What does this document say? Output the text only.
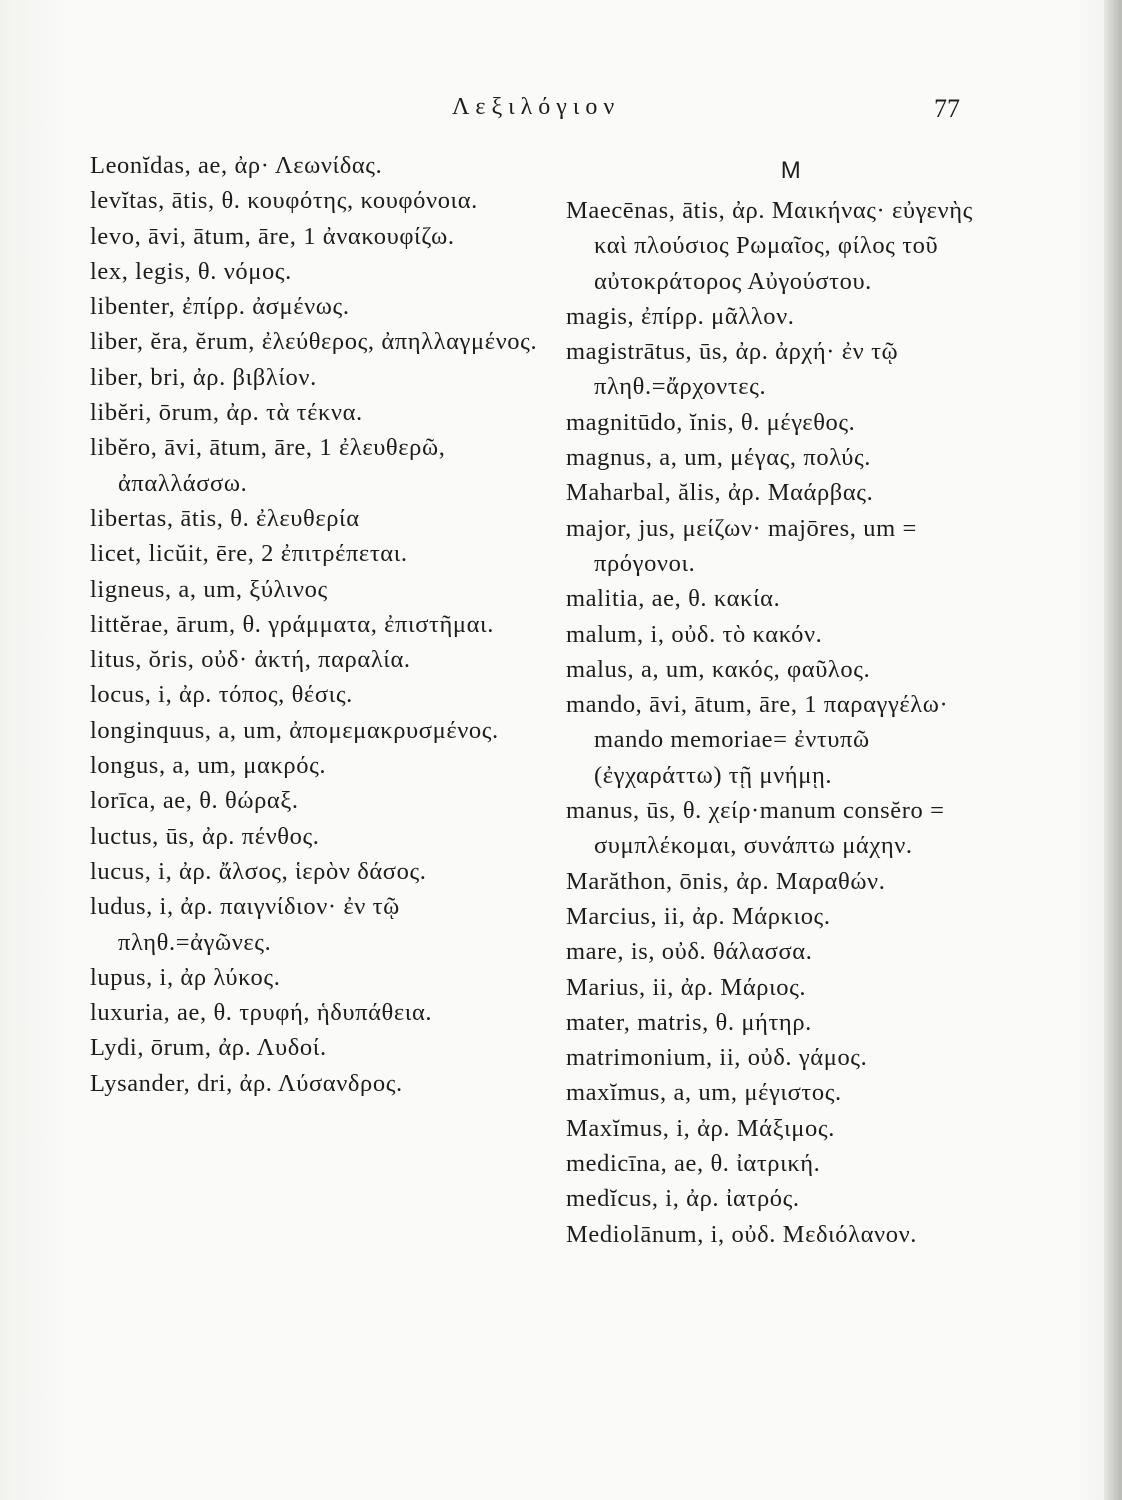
Λεξιλόγιον	77
Leonĭdas, ae, ἀρ· Λεωνίδας.
levĭtas, ātis, θ. κουφότης, κουφόνοια.
levo, āvi, ātum, āre, 1 ἀνακουφίζω.
lex, legis, θ. νόμος.
libenter, ἐπίρρ. ἀσμένως.
liber, ĕra, ĕrum, ἐλεύθερος, ἀπηλλαγμένος.
liber, bri, ἀρ. βιβλίον.
libĕri, ōrum, ἀρ. τὰ τέκνα.
libĕro, āvi, ātum, āre, 1 ἐλευθερῶ, ἀπαλλάσσω.
libertas, ātis, θ. ἐλευθερία
licet, licŭit, ēre, 2 ἐπιτρέπεται.
ligneus, a, um, ξύλινος
littĕrae, ārum, θ. γράμματα, ἐπιστῆμαι.
litus, ŏris, οὐδ· ἀκτή, παραλία.
locus, i, ἀρ. τόπος, θέσις.
longinquus, a, um, ἀπομεμακρυσμένος.
longus, a, um, μακρός.
lorīca, ae, θ. θώραξ.
luctus, ūs, ἀρ. πένθος.
lucus, i, ἀρ. ἄλσος, ἱερὸν δάσος.
ludus, i, ἀρ. παιγνίδιον· ἐν τῷ πληθ.=ἀγῶνες.
lupus, i, ἀρ λύκος.
luxuria, ae, θ. τρυφή, ἡδυπάθεια.
Lydi, ōrum, ἀρ. Λυδοί.
Lysander, dri, ἀρ. Λύσανδρος.
M
Maecēnas, ātis, ἀρ. Μαικήνας· εὐγενὴς καὶ πλούσιος Ρωμαῖος, φίλος τοῦ αὐτοκράτορος Αὐγούστου.
magis, ἐπίρρ. μᾶλλον.
magistrātus, ūs, ἀρ. ἀρχή· ἐν τῷ πληθ.=ἄρχοντες.
magnitūdo, ĭnis, θ. μέγεθος.
magnus, a, um, μέγας, πολύς.
Maharbal, ălis, ἀρ. Μαάρβας.
major, jus, μείζων· majōres, um = πρόγονοι.
malitia, ae, θ. κακία.
malum, i, οὐδ. τὸ κακόν.
malus, a, um, κακός, φαῦλος.
mando, āvi, ātum, āre, 1 παραγγέλω· mando memoriae= ἐντυπῶ (ἐγχαράττω) τῇ μνήμῃ.
manus, ūs, θ. χείρ·manum consĕro = συμπλέκομαι, συνάπτω μάχην.
Marăthon, ōnis, ἀρ. Μαραθών.
Marcius, ii, ἀρ. Μάρκιος.
mare, is, οὐδ. θάλασσα.
Marius, ii, ἀρ. Μάριος.
mater, matris, θ. μήτηρ.
matrimonium, ii, οὐδ. γάμος.
maxĭmus, a, um, μέγιστος.
Maxĭmus, i, ἀρ. Μάξιμος.
medicīna, ae, θ. ἰατρική.
medĭcus, i, ἀρ. ἰατρός.
Mediolānum, i, οὐδ. Μεδιόλανον.
